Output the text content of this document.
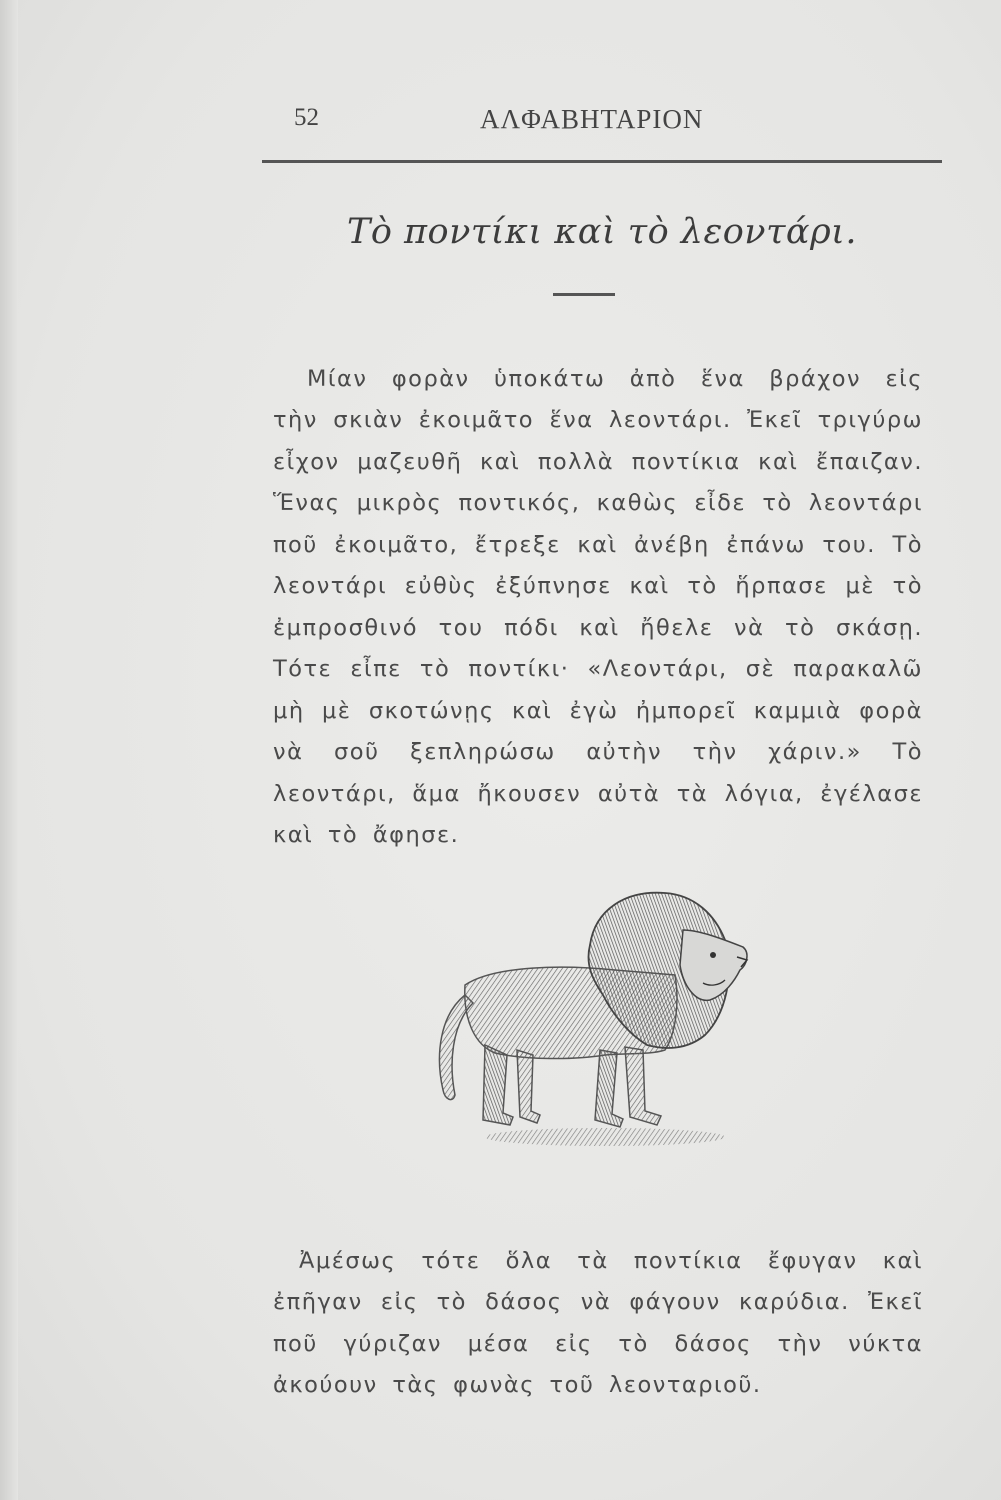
52	ΑΛΦΑΒΗΤΑΡΙΟΝ
Τὸ ποντίκι καὶ τὸ λεοντάρι.

Μίαν φορὰν ὑποκάτω ἀπὸ ἕνα βράχον εἰς τὴν σκιὰν ἐκοιμᾶτο ἕνα λεοντάρι. Ἐκεῖ τριγύρω εἶχον μαζευθῆ καὶ πολλὰ ποντίκια καὶ ἔπαιζαν. Ἕνας μικρὸς ποντικός, καθὼς εἶδε τὸ λεοντάρι ποῦ ἐκοιμᾶτο, ἔτρεξε καὶ ἀνέβη ἐπάνω του. Τὸ λεοντάρι εὐθὺς ἐξύπνησε καὶ τὸ ἥρπασε μὲ τὸ ἐμπροσθινό του πόδι καὶ ἤθελε νὰ τὸ σκάσῃ. Τότε εἶπε τὸ ποντίκι· «Λεοντάρι, σὲ παρακαλῶ μὴ μὲ σκοτώνῃς καὶ ἐγὼ ἠμπορεῖ καμμιὰ φορὰ νὰ σοῦ ξεπληρώσω αὐτὴν τὴν χάριν.» Τὸ λεοντάρι, ἅμα ἤκουσεν αὐτὰ τὰ λόγια, ἐγέλασε καὶ τὸ ἄφησε.

Ἀμέσως τότε ὅλα τὰ ποντίκια ἔφυγαν καὶ ἐπῆγαν εἰς τὸ δάσος νὰ φάγουν καρύδια. Ἐκεῖ ποῦ γύριζαν μέσα εἰς τὸ δάσος τὴν νύκτα ἀκούουν τὰς φωνὰς τοῦ λεονταριοῦ.
